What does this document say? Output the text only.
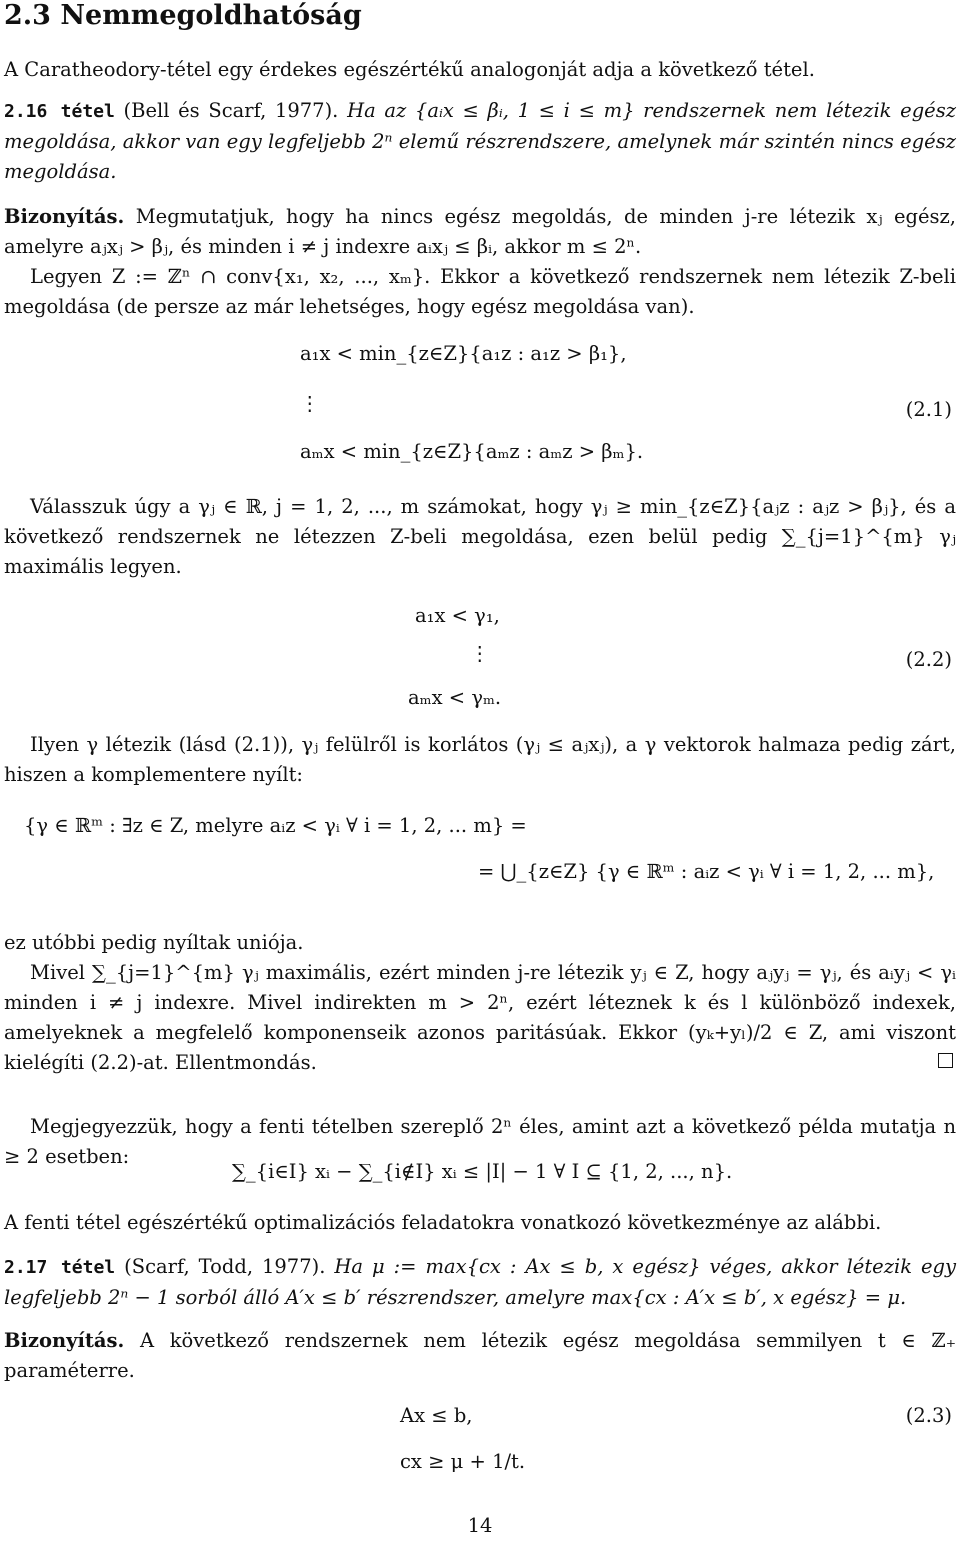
2.3 Nemmegoldhatóság

A Caratheodory-tétel egy érdekes egészértékű analogonját adja a következő tétel.

2.16 tétel (Bell és Scarf, 1977). Ha az {aᵢx ≤ βᵢ, 1 ≤ i ≤ m} rendszernek nem létezik egész megoldása, akkor van egy legfeljebb 2ⁿ elemű részrendszere, amelynek már szintén nincs egész megoldása.

Bizonyítás. Megmutatjuk, hogy ha nincs egész megoldás, de minden j-re létezik xⱼ egész, amelyre aⱼxⱼ > βⱼ, és minden i ≠ j indexre aᵢxⱼ ≤ βᵢ, akkor m ≤ 2ⁿ.

Legyen Z := ℤⁿ ∩ conv{x₁, x₂, ..., xₘ}. Ekkor a következő rendszernek nem létezik Z-beli megoldása (de persze az már lehetséges, hogy egész megoldása van).

a₁x < min_{z∈Z}{a₁z : a₁z > β₁},
⋮
aₘx < min_{z∈Z}{aₘz : aₘz > βₘ}.
(2.1)

Válasszuk úgy a γⱼ ∈ ℝ, j = 1, 2, ..., m számokat, hogy γⱼ ≥ min_{z∈Z}{aⱼz : aⱼz > βⱼ}, és a következő rendszernek ne létezzen Z-beli megoldása, ezen belül pedig ∑_{j=1}^{m} γⱼ maximális legyen.

a₁x < γ₁,
⋮
aₘx < γₘ.
(2.2)

Ilyen γ létezik (lásd (2.1)), γⱼ felülről is korlátos (γⱼ ≤ aⱼxⱼ), a γ vektorok halmaza pedig zárt, hiszen a komplementere nyílt:

{γ ∈ ℝᵐ : ∃z ∈ Z, melyre aᵢz < γᵢ ∀ i = 1, 2, ... m} =
= ⋃_{z∈Z} {γ ∈ ℝᵐ : aᵢz < γᵢ ∀ i = 1, 2, ... m},

ez utóbbi pedig nyíltak uniója.

Mivel ∑_{j=1}^{m} γⱼ maximális, ezért minden j-re létezik yⱼ ∈ Z, hogy aⱼyⱼ = γⱼ, és aᵢyⱼ < γᵢ minden i ≠ j indexre. Mivel indirekten m > 2ⁿ, ezért léteznek k és l különböző indexek, amelyeknek a megfelelő komponenseik azonos paritásúak. Ekkor (yₖ+yₗ)/2 ∈ Z, ami viszont kielégíti (2.2)-at. Ellentmondás.

Megjegyezzük, hogy a fenti tételben szereplő 2ⁿ éles, amint azt a következő példa mutatja n ≥ 2 esetben:

∑_{i∈I} xᵢ − ∑_{i∉I} xᵢ ≤ |I| − 1 ∀ I ⊆ {1, 2, ..., n}.

A fenti tétel egészértékű optimalizációs feladatokra vonatkozó következménye az alábbi.

2.17 tétel (Scarf, Todd, 1977). Ha μ := max{cx : Ax ≤ b, x egész} véges, akkor létezik egy legfeljebb 2ⁿ − 1 sorból álló A′x ≤ b′ részrendszer, amelyre max{cx : A′x ≤ b′, x egész} = μ.

Bizonyítás. A következő rendszernek nem létezik egész megoldása semmilyen t ∈ ℤ₊ paraméterre.

Ax ≤ b,
cx ≥ μ + 1/t.
(2.3)
14
